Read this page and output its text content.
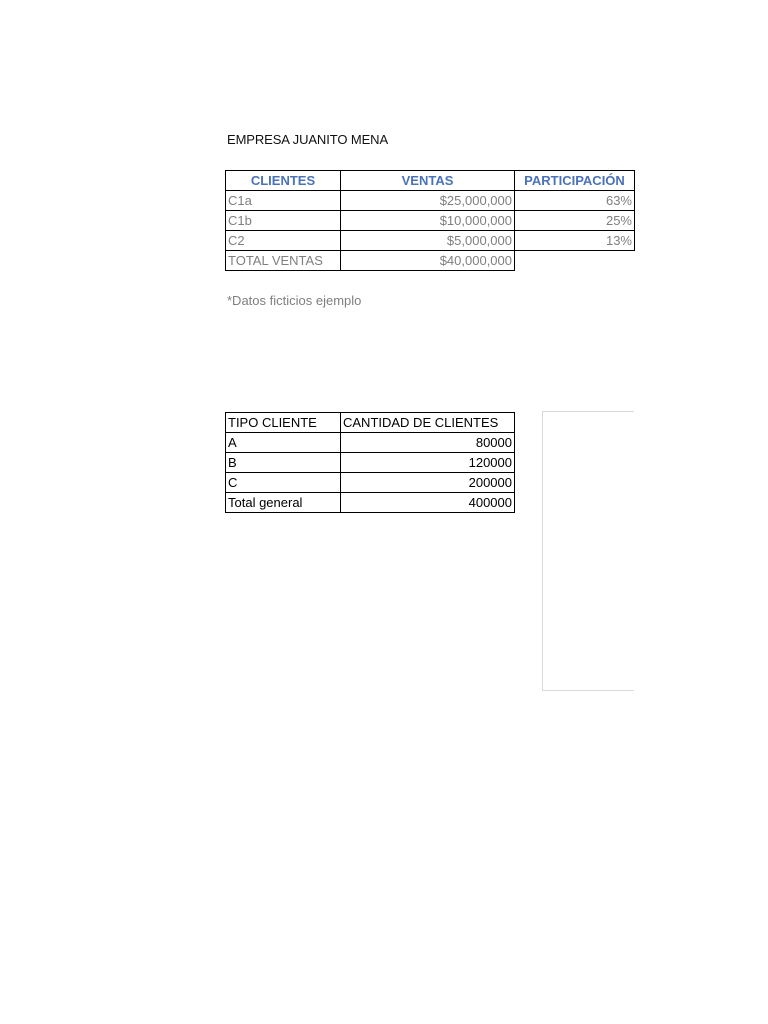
EMPRESA JUANITO MENA
CLIENTES	VENTAS	PARTICIPACIÓN
C1a	$25,000,000	63%
C1b	$10,000,000	25%
C2	$5,000,000	13%
TOTAL VENTAS	$40,000,000	
*Datos ficticios ejemplo
TIPO CLIENTE	CANTIDAD DE CLIENTES
A	80000
B	120000
C	200000
Total general	400000
